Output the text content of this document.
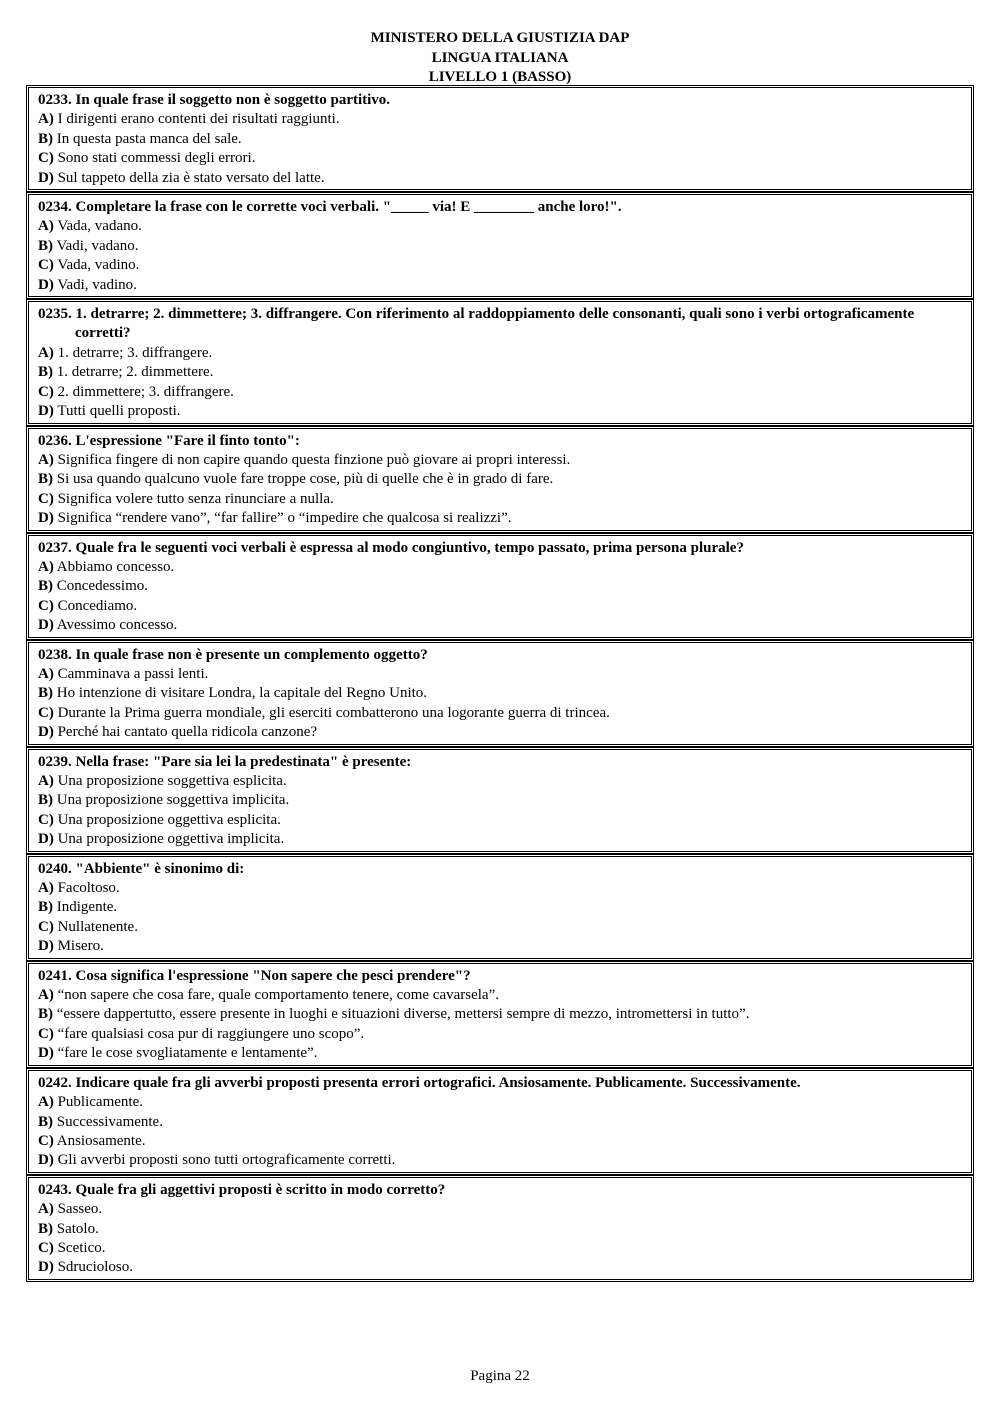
MINISTERO DELLA GIUSTIZIA DAP
LINGUA ITALIANA
LIVELLO 1 (BASSO)
0233. In quale frase il soggetto non è soggetto partitivo.
A) I dirigenti erano contenti dei risultati raggiunti.
B) In questa pasta manca del sale.
C) Sono stati commessi degli errori.
D) Sul tappeto della zia è stato versato del latte.
0234. Completare la frase con le corrette voci verbali. "_____ via! E ________ anche loro!".
A) Vada, vadano.
B) Vadi, vadano.
C) Vada, vadino.
D) Vadi, vadino.
0235. 1. detrarre; 2. dimmettere; 3. diffrangere. Con riferimento al raddoppiamento delle consonanti, quali sono i verbi ortograficamente corretti?
A) 1. detrarre; 3. diffrangere.
B) 1. detrarre; 2. dimmettere.
C) 2. dimmettere; 3. diffrangere.
D) Tutti quelli proposti.
0236. L'espressione "Fare il finto tonto":
A) Significa fingere di non capire quando questa finzione può giovare ai propri interessi.
B) Si usa quando qualcuno vuole fare troppe cose, più di quelle che è in grado di fare.
C) Significa volere tutto senza rinunciare a nulla.
D) Significa “rendere vano”, “far fallire” o “impedire che qualcosa si realizzi”.
0237. Quale fra le seguenti voci verbali è espressa al modo congiuntivo, tempo passato, prima persona plurale?
A) Abbiamo concesso.
B) Concedessimo.
C) Concediamo.
D) Avessimo concesso.
0238. In quale frase non è presente un complemento oggetto?
A) Camminava a passi lenti.
B) Ho intenzione di visitare Londra, la capitale del Regno Unito.
C) Durante la Prima guerra mondiale, gli eserciti combatterono una logorante guerra di trincea.
D) Perché hai cantato quella ridicola canzone?
0239. Nella frase: "Pare sia lei la predestinata" è presente:
A) Una proposizione soggettiva esplicita.
B) Una proposizione soggettiva implicita.
C) Una proposizione oggettiva esplicita.
D) Una proposizione oggettiva implicita.
0240. "Abbiente" è sinonimo di:
A) Facoltoso.
B) Indigente.
C) Nullatenente.
D) Misero.
0241. Cosa significa l'espressione "Non sapere che pesci prendere"?
A) “non sapere che cosa fare, quale comportamento tenere, come cavarsela”.
B) “essere dappertutto, essere presente in luoghi e situazioni diverse, mettersi sempre di mezzo, intromettersi in tutto”.
C) “fare qualsiasi cosa pur di raggiungere uno scopo”.
D) “fare le cose svogliatamente e lentamente”.
0242. Indicare quale fra gli avverbi proposti presenta errori ortografici. Ansiosamente. Publicamente. Successivamente.
A) Publicamente.
B) Successivamente.
C) Ansiosamente.
D) Gli avverbi proposti sono tutti ortograficamente corretti.
0243. Quale fra gli aggettivi proposti è scritto in modo corretto?
A) Sasseo.
B) Satolo.
C) Scetico.
D) Sdrucioloso.
Pagina 22
